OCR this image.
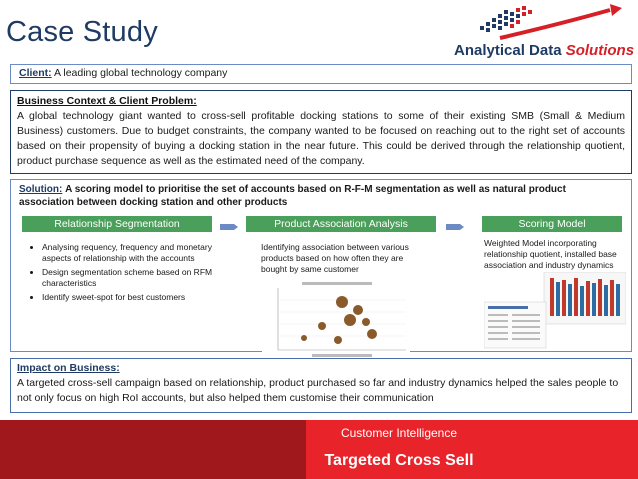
Case Study
Analytical Data Solutions
Client: A leading global technology company
Business Context & Client Problem:
A global technology giant wanted to cross-sell profitable docking stations to some of their existing SMB (Small & Medium Business) customers. Due to budget constraints, the company wanted to be focused on reaching out to the right set of accounts based on their propensity of buying a docking station in the near future. This could be derived through the relationship quotient, product purchase sequence as well as the estimated need of the company.
Solution: A scoring model to prioritise the set of accounts based on R-F-M segmentation as well as natural product association between docking station and other products
Relationship Segmentation	Product Association Analysis	Scoring Model
• Analysing requency, frequency and monetary aspects of relationship with the accounts
• Design segmentation scheme based on RFM characteristics
• Identify sweet-spot for best customers
Identifying association between various products based on how often they are bought by same customer
Weighted Model incorporating relationship quotient, installed base association and industry dynamics
Impact on Business:
A targeted cross-sell campaign based on relationship, product purchased so far and industry dynamics helped the sales people to not only focus on high RoI accounts, but also helped them customise their communication
Customer Intelligence
Targeted Cross Sell
